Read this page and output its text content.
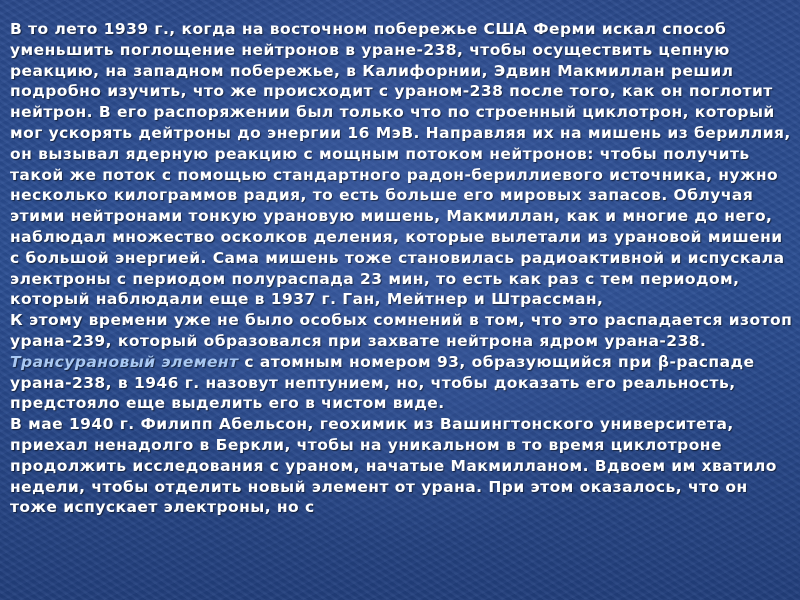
В то лето 1939 г., когда на восточном побережье США Ферми искал способ уменьшить поглощение нейтронов в уране-238, чтобы осуществить цепную реакцию, на западном побережье, в Калифорнии, Эдвин Макмиллан решил подробно изучить, что же происходит с ураном-238 после того, как он поглотит нейтрон. В его распоряжении был только что по строенный циклотрон, который мог ускорять дейтроны до энергии 16 МэВ. Направляя их на мишень из бериллия, он вызывал ядерную реакцию с мощным потоком нейтронов: чтобы получить такой же поток с помощью стандартного радон-бериллиевого источника, нужно несколько килограммов радия, то есть больше его мировых запасов. Облучая этими нейтронами тонкую урановую мишень, Макмиллан, как и многие до него, наблюдал множество осколков деления, которые вылетали из урановой мишени с большой энергией. Сама мишень тоже становилась радиоактивной и испускала электроны с периодом полураспада 23 мин, то есть как раз с тем периодом, который наблюдали еще в 1937 г. Ган, Мейтнер и Штрассман,

К этому времени уже не было особых сомнений в том, что это распадается изотоп урана-239, который образовался при захвате нейтрона ядром урана-238.

Трансурановый элемент с атомным номером 93, образующийся при β-распаде урана-238, в 1946 г. назовут нептунием, но, чтобы доказать его реальность, предстояло еще выделить его в чистом виде.

В мае 1940 г. Филипп Абельсон, геохимик из Вашингтонского университета, приехал ненадолго в Беркли, чтобы на уникальном в то время циклотроне продолжить исследования с ураном, начатые Макмилланом. Вдвоем им хватило недели, чтобы отделить новый элемент от урана. При этом оказалось, что он тоже испускает электроны, но с
